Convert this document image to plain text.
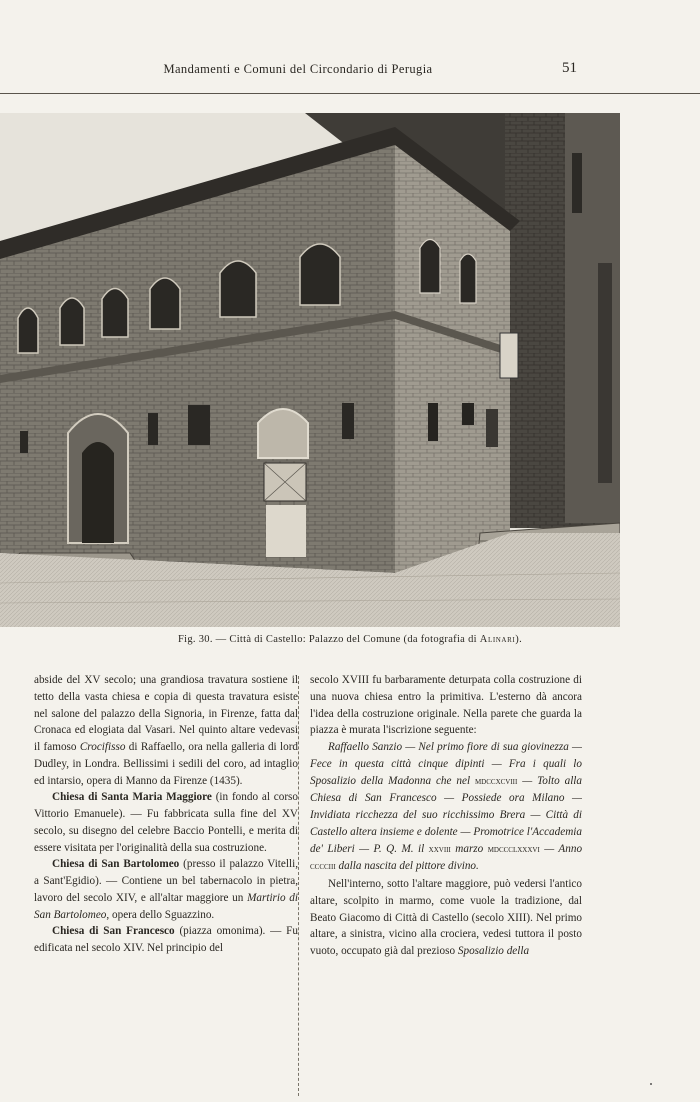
Mandamenti e Comuni del Circondario di Perugia	51
Fig. 30. — Città di Castello: Palazzo del Comune (da fotografia di Alinari).

abside del XV secolo; una grandiosa travatura sostiene il tetto della vasta chiesa e copia di questa travatura esiste nel salone del palazzo della Signoria, in Firenze, fatta dal Cronaca ed elogiata dal Vasari. Nel quinto altare vedevasi il famoso Crocifisso di Raffaello, ora nella galleria di lord Dudley, in Londra. Bellissimi i sedili del coro, ad intaglio ed intarsio, opera di Manno da Firenze (1435).

Chiesa di Santa Maria Maggiore (in fondo al corso Vittorio Emanuele). — Fu fabbricata sulla fine del XV secolo, su disegno del celebre Baccio Pontelli, e merita di essere visitata per l'originalità della sua costruzione.

Chiesa di San Bartolomeo (presso il palazzo Vitelli, a Sant'Egidio). — Contiene un bel tabernacolo in pietra, lavoro del secolo XIV, e all'altar maggiore un Martirio di San Bartolomeo, opera dello Sguazzino.

Chiesa di San Francesco (piazza omonima). — Fu edificata nel secolo XIV. Nel principio del

secolo XVIII fu barbaramente deturpata colla costruzione di una nuova chiesa entro la primitiva. L'esterno dà ancora l'idea della costruzione originale. Nella parete che guarda la piazza è murata l'iscrizione seguente:

Raffaello Sanzio — Nel primo fiore di sua giovinezza — Fece in questa città cinque dipinti — Fra i quali lo Sposalizio della Madonna che nel mdccxcviii — Tolto alla Chiesa di San Francesco — Possiede ora Milano — Invidiata ricchezza del suo ricchissimo Brera — Città di Castello altera insieme e dolente — Promotrice l'Accademia de' Liberi — P. Q. M. il xxviii marzo mdccclxxxvi — Anno cccciii dalla nascita del pittore divino.

Nell'interno, sotto l'altare maggiore, può vedersi l'antico altare, scolpito in marmo, come vuole la tradizione, dal Beato Giacomo di Città di Castello (secolo XIII). Nel primo altare, a sinistra, vicino alla crociera, vedesi tuttora il posto vuoto, occupato già dal prezioso Sposalizio della
